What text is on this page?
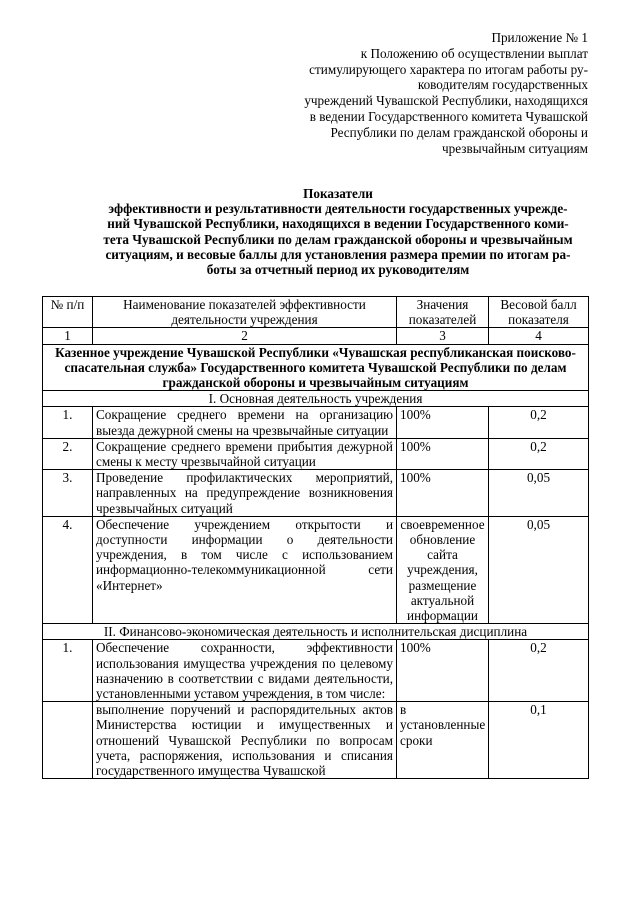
Приложение № 1
к Положению об осуществлении выплат
стимулирующего характера по итогам работы ру-
ководителям государственных
учреждений Чувашской Республики, находящихся
в ведении Государственного комитета Чувашской
Республики по делам гражданской обороны и
чрезвычайным ситуациям
Показатели
эффективности и результативности деятельности государственных учрежде-
ний Чувашской Республики, находящихся в ведении Государственного коми-
тета Чувашской Республики по делам гражданской обороны и чрезвычайным
ситуациям, и весовые баллы для установления размера премии по итогам ра-
боты за отчетный период их руководителям
№ п/п	Наименование показателей эффективности деятельности учреждения	Значения показателей	Весовой балл показателя
1	2	3	4
Казенное учреждение Чувашской Республики «Чувашская республиканская поисково-спасательная служба» Государственного комитета Чувашской Республики по делам гражданской обороны и чрезвычайным ситуациям			
I. Основная деятельность учреждения			
1.	Сокращение среднего времени на организацию выезда дежурной смены на чрезвычайные ситуации	100%	0,2
2.	Сокращение среднего времени прибытия дежурной смены к месту чрезвычайной ситуации	100%	0,2
3.	Проведение профилактических мероприятий, направленных на предупреждение возникновения чрезвычайных ситуаций	100%	0,05
4.	Обеспечение учреждением открытости и доступности информации о деятельности учреждения, в том числе с использованием информационно-телекоммуникационной сети «Интернет»	своевременное обновление сайта учреждения, размещение актуальной информации	0,05
II. Финансово-экономическая деятельность и исполнительская дисциплина			
1.	Обеспечение сохранности, эффективности использования имущества учреждения по целевому назначению в соответствии с видами деятельности, установленными уставом учреждения, в том числе:	100%	0,2
	выполнение поручений и распорядительных актов Министерства юстиции и имущественных и отношений Чувашской Республики по вопросам учета, распоряжения, использования и списания государственного имущества Чувашской	в установленные сроки	0,1
